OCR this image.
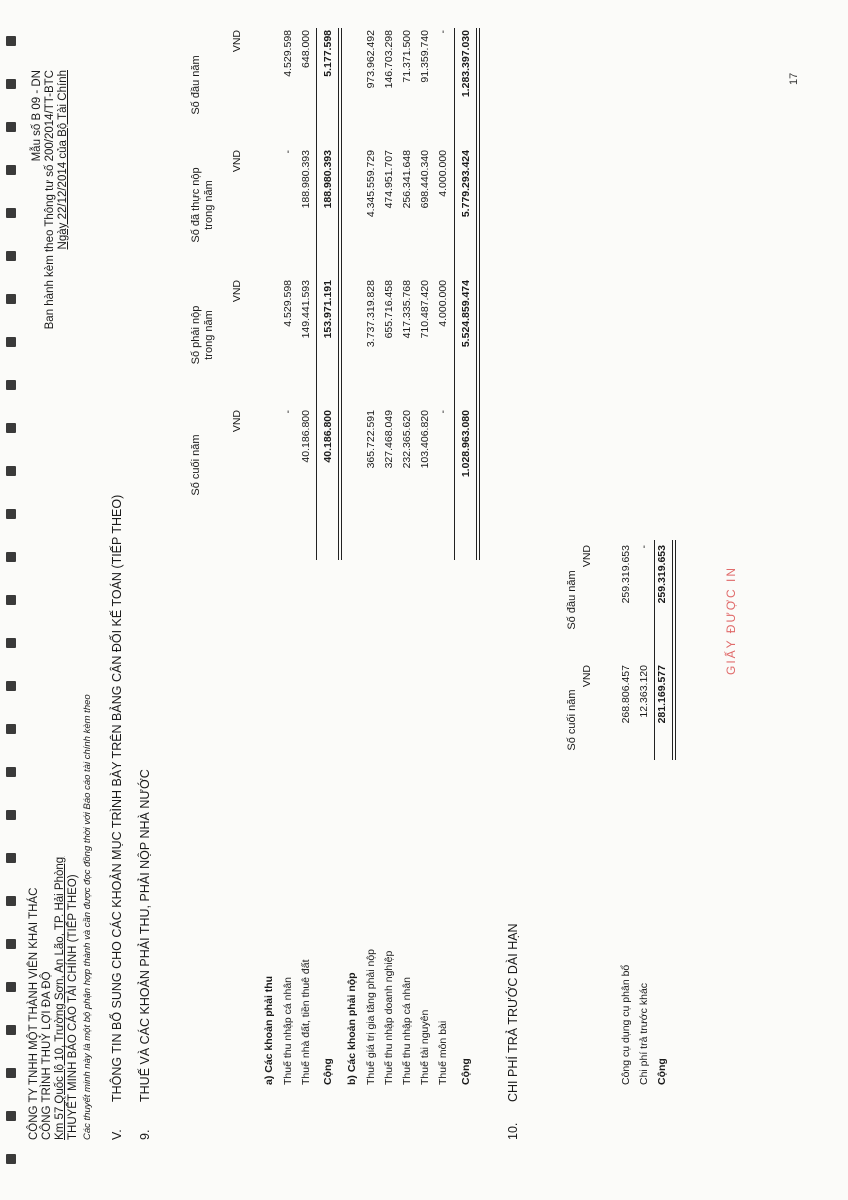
CÔNG TY TNHH MỘT THÀNH VIÊN KHAI THÁC CÔNG TRÌNH THUỶ LỢI ĐA ĐỘ Km 57 Quốc lộ 10, Trường Sơn, An Lão, TP. Hải Phòng THUYẾT MINH BÁO CÁO TÀI CHÍNH (TIẾP THEO) Các thuyết minh này là một bộ phận hợp thành và cần được đọc đồng thời với Báo cáo tài chính kèm theo
Mẫu số B 09 - DN Ban hành kèm theo Thông tư số 200/2014/TT-BTC Ngày 22/12/2014 của Bộ Tài Chính
V.
THÔNG TIN BỔ SUNG CHO CÁC KHOẢN MỤC TRÌNH BÀY TRÊN BẢNG CÂN ĐỐI KẾ TOÁN (TIẾP THEO)
9.
THUẾ VÀ CÁC KHOẢN PHẢI THU, PHẢI NỘP NHÀ NƯỚC
Số cuối năm
VND
Số phải nộp trong năm
VND
Số đã thực nộp trong năm
VND
Số đầu năm
VND
a) Các khoản phải thu Thuế thu nhập cá nhân
-
4.529.598
-
4.529.598
Thuế nhà đất, tiền thuê đất
40.186.800
149.441.593
188.980.393
648.000
Cộng
40.186.800
153.971.191
188.980.393
5.177.598
b) Các khoản phải nộp Thuế giá trị gia tăng phải nộp
365.722.591
3.737.319.828
4.345.559.729
973.962.492
Thuế thu nhập doanh nghiệp
327.468.049
655.716.458
474.951.707
146.703.298
Thuế thu nhập cá nhân
232.365.620
417.335.768
256.341.648
71.371.500
Thuế tài nguyên
103.406.820
710.487.420
698.440.340
91.359.740
Thuế môn bài
-
4.000.000
4.000.000
-
Cộng
1.028.963.080
5.524.859.474
5.779.293.424
1.283.397.030
10.
CHI PHÍ TRẢ TRƯỚC DÀI HẠN
Số cuối năm
VND
Số đầu năm
VND
Công cụ dụng cụ phân bổ
268.806.457
259.319.653
Chi phí trả trước khác
12.363.120
-
Cộng
281.169.577
259.319.653	GIẤY ĐƯỢC IN
17
